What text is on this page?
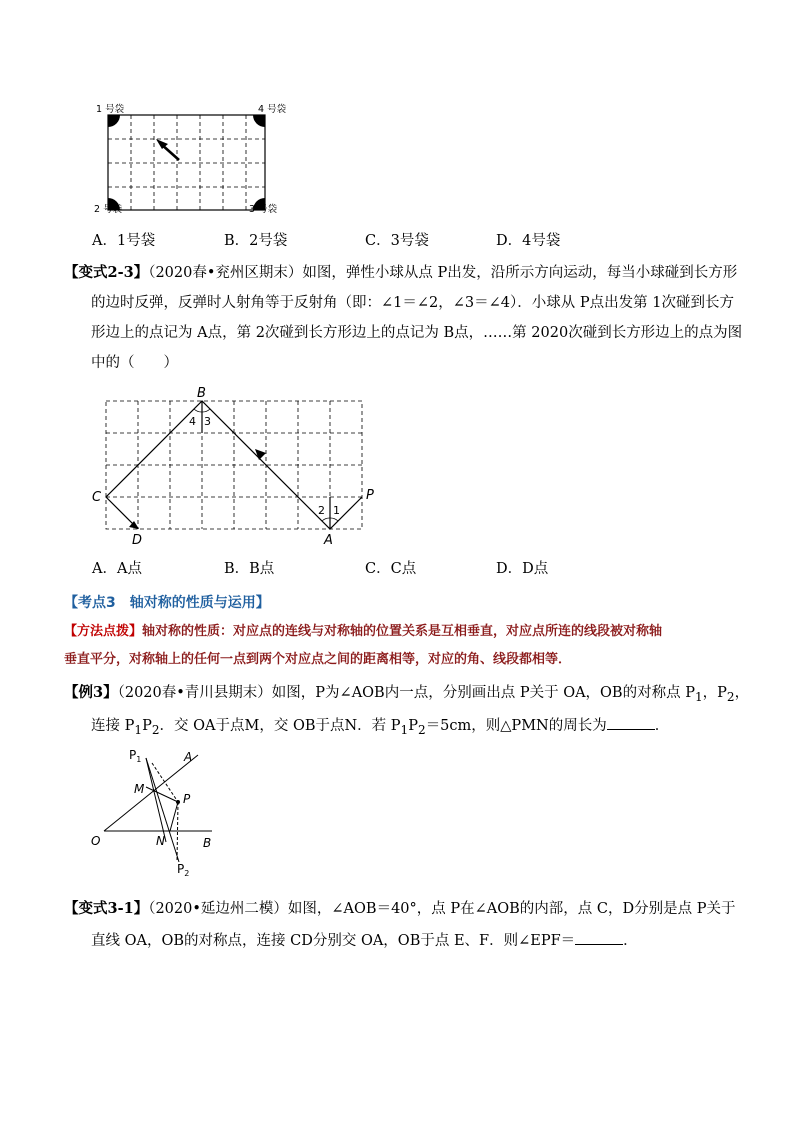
1 号袋	4 号袋
2 号袋	3 号袋
A．1号袋	B．2号袋	C．3号袋	D．4号袋
【变式2-3】（2020春•兖州区期末）如图，弹性小球从点 P出发，沿所示方向运动，每当小球碰到长方形
的边时反弹，反弹时人射角等于反射角（即：∠1＝∠2，∠3＝∠4）．小球从 P点出发第 1次碰到长方
形边上的点记为 A点，第 2次碰到长方形边上的点记为 B点，……第 2020次碰到长方形边上的点为图
中的（　　）
B
C
D	A
P
4 3
2 1
A．A点	B．B点	C．C点	D．D点
【考点3　轴对称的性质与运用】
【方法点拨】轴对称的性质：对应点的连线与对称轴的位置关系是互相垂直，对应点所连的线段被对称轴
垂直平分，对称轴上的任何一点到两个对应点之间的距离相等，对应的角、线段都相等．
【例3】（2020春•青川县期末）如图，P为∠AOB内一点，分别画出点 P关于 OA，OB的对称点 $P_1$，$P_2$，
连接 $P_1P_2$．交 OA于点M，交 OB于点N．若 $P_1P_2=5cm$，则△PMN的周长为	．
$P_1$	A
M
P
O	N	B
$P_2$
【变式3-1】（2020•延边州二模）如图，∠AOB＝40°，点 P在∠AOB的内部，点 C，D分别是点 P关于
直线 OA，OB的对称点，连接 CD分别交 OA，OB于点 E、F．则∠EPF＝	．
